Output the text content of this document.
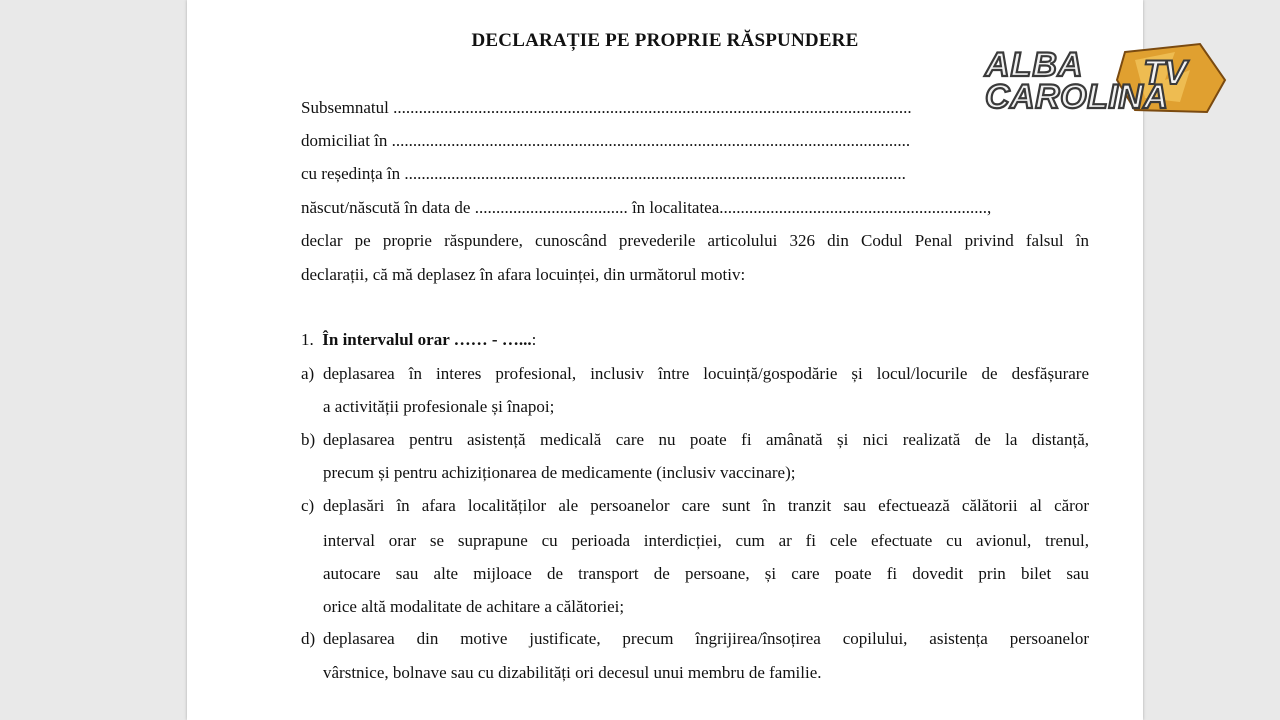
DECLARAȚIE PE PROPRIE RĂSPUNDERE
Subsemnatul ..........................................................................................................................
domiciliat în ..........................................................................................................................
cu reședința în ......................................................................................................................
născut/născută în data de .................................... în localitatea...............................................................,
declar pe proprie răspundere, cunoscând prevederile articolului 326 din Codul Penal privind falsul în
declarații, că mă deplasez în afara locuinței, din următorul motiv:
1. În intervalul orar …… - …...:
a) deplasarea în interes profesional, inclusiv între locuință/gospodărie și locul/locurile de desfășurare
a activității profesionale și înapoi;
b) deplasarea pentru asistență medicală care nu poate fi amânată și nici realizată de la distanță,
precum și pentru achiziționarea de medicamente (inclusiv vaccinare);
c) deplasări în afara localităților ale persoanelor care sunt în tranzit sau efectuează călătorii al căror
interval orar se suprapune cu perioada interdicției, cum ar fi cele efectuate cu avionul, trenul,
autocare sau alte mijloace de transport de persoane, și care poate fi dovedit prin bilet sau
orice altă modalitate de achitare a călătoriei;
d) deplasarea din motive justificate, precum îngrijirea/însoțirea copilului, asistența persoanelor
vârstnice, bolnave sau cu dizabilități ori decesul unui membru de familie.
TV
ALBA
CAROLINA
